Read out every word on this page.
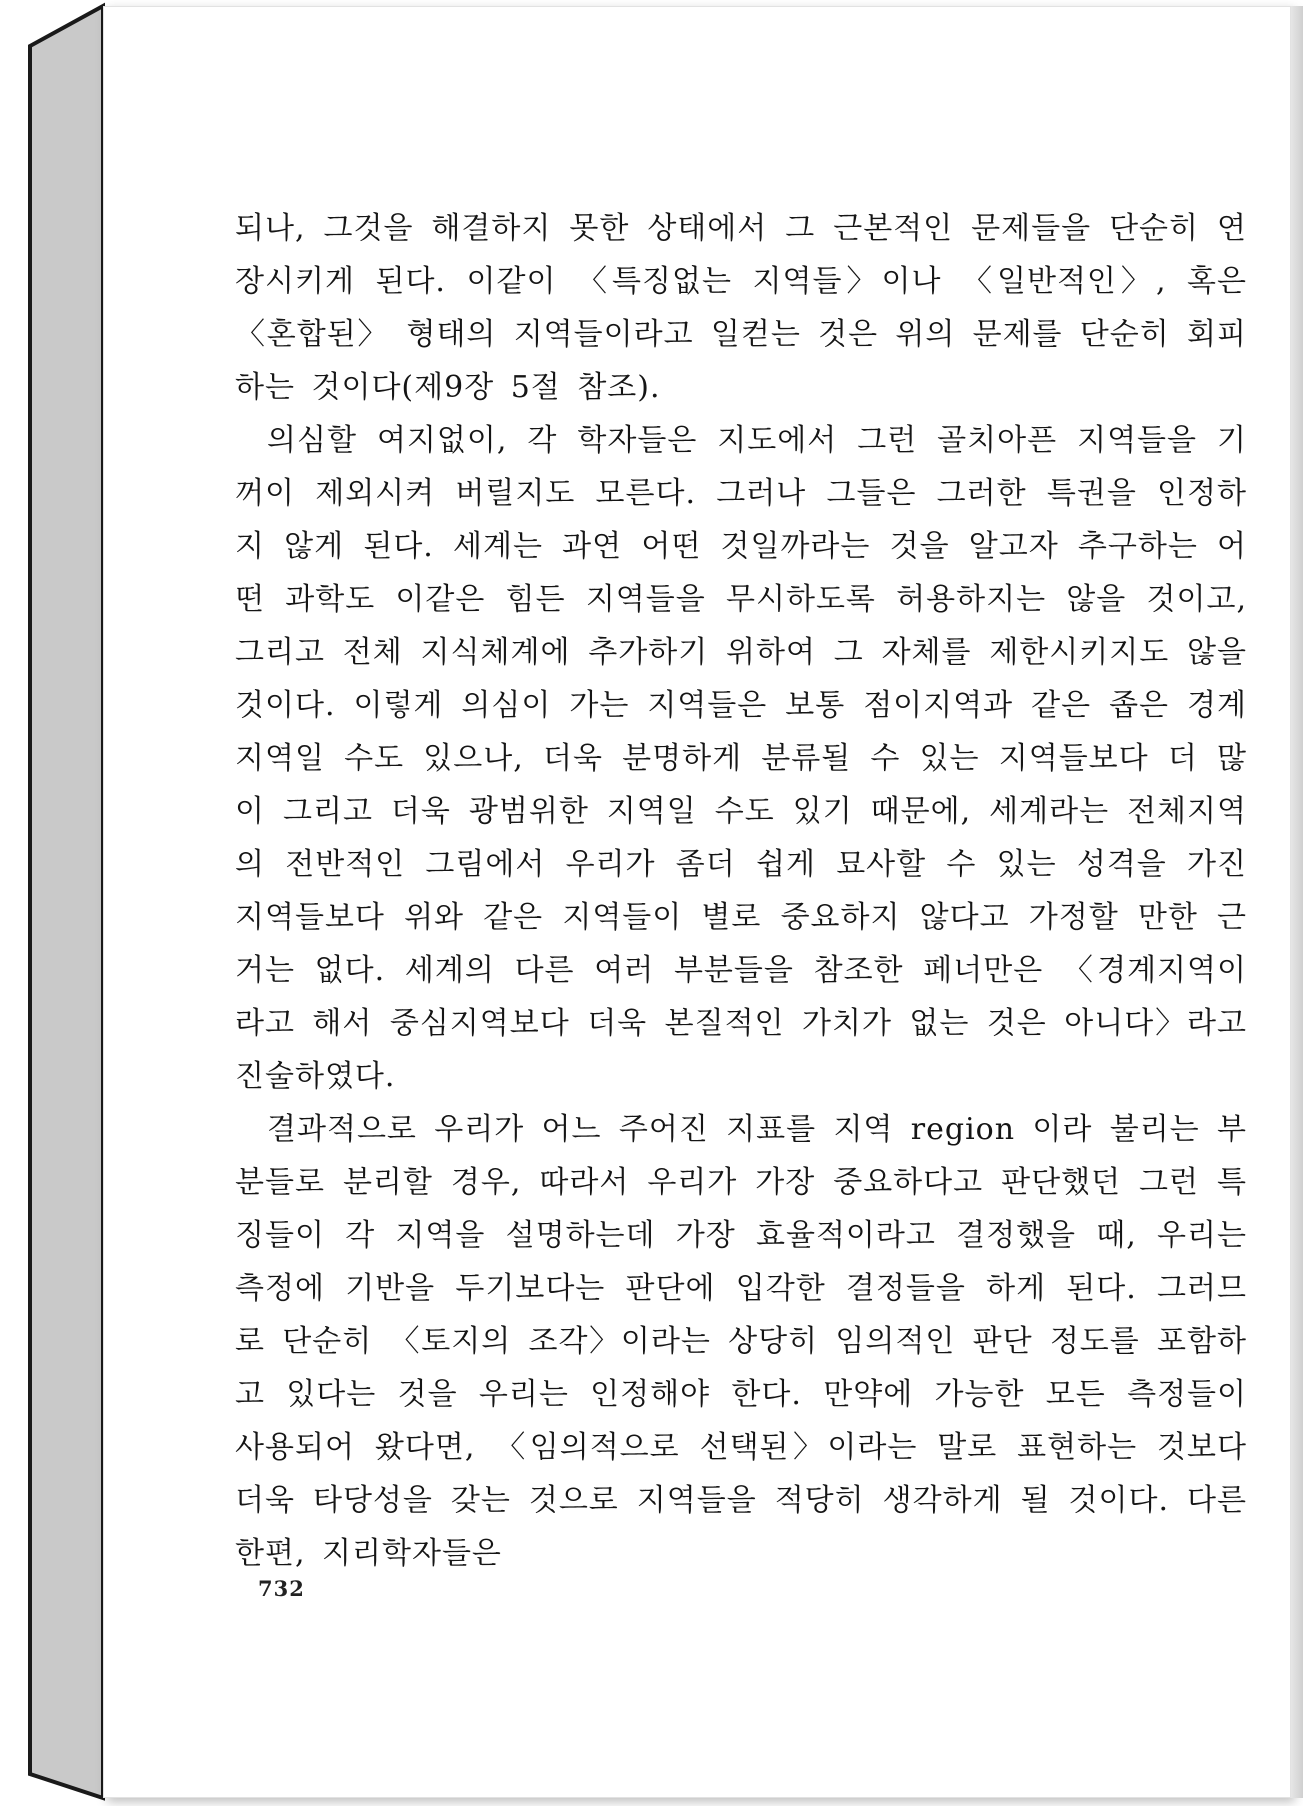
되나, 그것을 해결하지 못한 상태에서 그 근본적인 문제들을 단순히 연장시키게 된다. 이같이 〈특징없는 지역들〉이나 〈일반적인〉, 혹은 〈혼합된〉 형태의 지역들이라고 일컫는 것은 위의 문제를 단순히 회피하는 것이다(제9장 5절 참조).

의심할 여지없이, 각 학자들은 지도에서 그런 골치아픈 지역들을 기꺼이 제외시켜 버릴지도 모른다. 그러나 그들은 그러한 특권을 인정하지 않게 된다. 세계는 과연 어떤 것일까라는 것을 알고자 추구하는 어떤 과학도 이같은 힘든 지역들을 무시하도록 허용하지는 않을 것이고, 그리고 전체 지식체계에 추가하기 위하여 그 자체를 제한시키지도 않을 것이다. 이렇게 의심이 가는 지역들은 보통 점이지역과 같은 좁은 경계지역일 수도 있으나, 더욱 분명하게 분류될 수 있는 지역들보다 더 많이 그리고 더욱 광범위한 지역일 수도 있기 때문에, 세계라는 전체지역의 전반적인 그림에서 우리가 좀더 쉽게 묘사할 수 있는 성격을 가진 지역들보다 위와 같은 지역들이 별로 중요하지 않다고 가정할 만한 근거는 없다. 세계의 다른 여러 부분들을 참조한 페너만은 〈경계지역이라고 해서 중심지역보다 더욱 본질적인 가치가 없는 것은 아니다〉라고 진술하였다.

결과적으로 우리가 어느 주어진 지표를 지역 region 이라 불리는 부분들로 분리할 경우, 따라서 우리가 가장 중요하다고 판단했던 그런 특징들이 각 지역을 설명하는데 가장 효율적이라고 결정했을 때, 우리는 측정에 기반을 두기보다는 판단에 입각한 결정들을 하게 된다. 그러므로 단순히 〈토지의 조각〉이라는 상당히 임의적인 판단 정도를 포함하고 있다는 것을 우리는 인정해야 한다. 만약에 가능한 모든 측정들이 사용되어 왔다면, 〈임의적으로 선택된〉이라는 말로 표현하는 것보다 더욱 타당성을 갖는 것으로 지역들을 적당히 생각하게 될 것이다. 다른 한편, 지리학자들은

732
